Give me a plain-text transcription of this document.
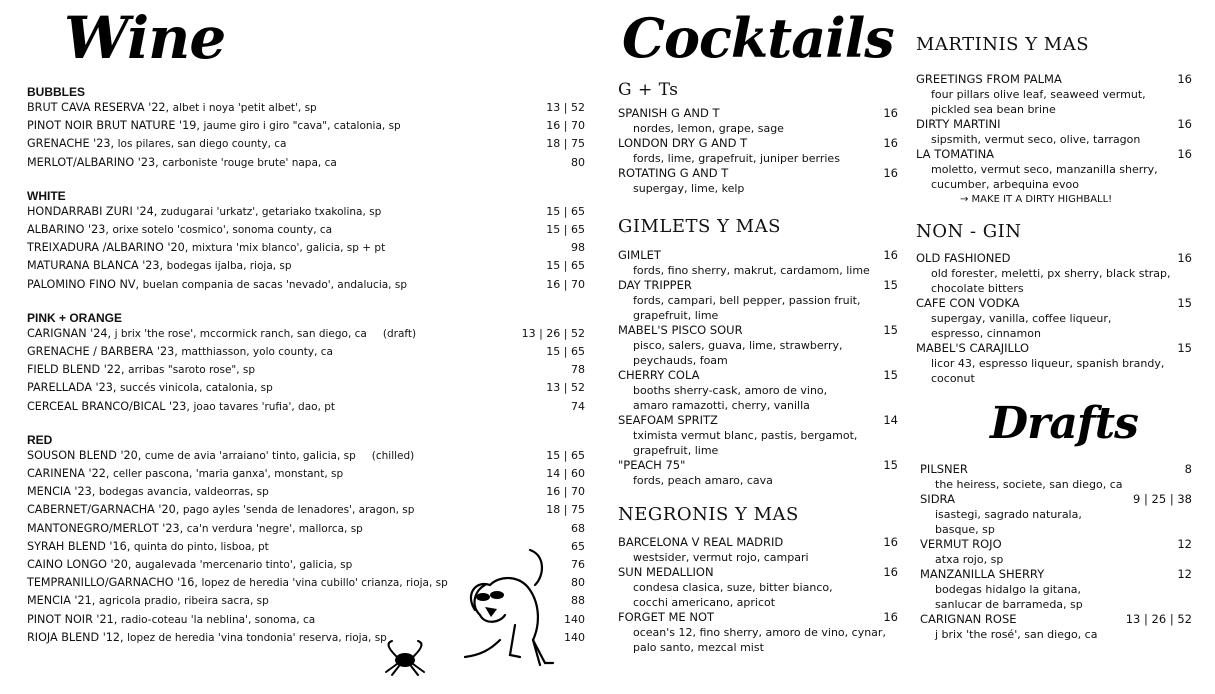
Wine
BUBBLES
BRUT CAVA RESERVA '22, albet i noya 'petit albet', sp	13 | 52
PINOT NOIR BRUT NATURE '19, jaume giro i giro "cava", catalonia, sp	16 | 70
GRENACHE '23, los pilares, san diego county, ca	18 | 75
MERLOT/ALBARINO '23, carboniste 'rouge brute' napa, ca	80
WHITE
HONDARRABI ZURI '24, zudugarai 'urkatz', getariako txakolina, sp	15 | 65
ALBARINO '23, orixe sotelo 'cosmico', sonoma county, ca	15 | 65
TREIXADURA /ALBARINO '20, mixtura 'mix blanco', galicia, sp + pt	98
MATURANA BLANCA '23, bodegas ijalba, rioja, sp	15 | 65
PALOMINO FINO NV, buelan compania de sacas 'nevado', andalucia, sp	16 | 70
PINK + ORANGE
CARIGNAN '24, j brix 'the rose', mccormick ranch, san diego, ca (draft)	13 | 26 | 52
GRENACHE / BARBERA '23, matthiasson, yolo county, ca	15 | 65
FIELD BLEND '22, arribas "saroto rose", sp	78
PARELLADA '23, succés vinicola, catalonia, sp	13 | 52
CERCEAL BRANCO/BICAL '23, joao tavares 'rufia', dao, pt	74
RED
SOUSON BLEND '20, cume de avia 'arraiano' tinto, galicia, sp (chilled)	15 | 65
CARINENA '22, celler pascona, 'maria ganxa', monstant, sp	14 | 60
MENCIA '23, bodegas avancia, valdeorras, sp	16 | 70
CABERNET/GARNACHA '20, pago ayles 'senda de lenadores', aragon, sp	18 | 75
MANTONEGRO/MERLOT '23, ca'n verdura 'negre', mallorca, sp	68
SYRAH BLEND '16, quinta do pinto, lisboa, pt	65
CAINO LONGO '20, augalevada 'mercenario tinto', galicia, sp	76
TEMPRANILLO/GARNACHO '16, lopez de heredia 'vina cubillo' crianza, rioja, sp	80
MENCIA '21, agricola pradio, ribeira sacra, sp	88
PINOT NOIR '21, radio-coteau 'la neblina', sonoma, ca	140
RIOJA BLEND '12, lopez de heredia 'vina tondonia' reserva, rioja, sp	140
Cocktails
G + Ts
SPANISH G AND T	16
nordes, lemon, grape, sage
LONDON DRY G AND T	16
fords, lime, grapefruit, juniper berries
ROTATING G AND T	16
supergay, lime, kelp
GIMLETS Y MAS
GIMLET	16
fords, fino sherry, makrut, cardamom, lime
DAY TRIPPER	15
fords, campari, bell pepper, passion fruit,
grapefruit, lime
MABEL'S PISCO SOUR	15
pisco, salers, guava, lime, strawberry,
peychauds, foam
CHERRY COLA	15
booths sherry-cask, amoro de vino,
amaro ramazotti, cherry, vanilla
SEAFOAM SPRITZ	14
tximista vermut blanc, pastis, bergamot,
grapefruit, lime
"PEACH 75"	15
fords, peach amaro, cava
NEGRONIS Y MAS
BARCELONA V REAL MADRID	16
westsider, vermut rojo, campari
SUN MEDALLION	16
condesa clasica, suze, bitter bianco,
cocchi americano, apricot
FORGET ME NOT	16
ocean's 12, fino sherry, amoro de vino, cynar,
palo santo, mezcal mist
MARTINIS Y MAS
GREETINGS FROM PALMA	16
four pillars olive leaf, seaweed vermut,
pickled sea bean brine
DIRTY MARTINI	16
sipsmith, vermut seco, olive, tarragon
LA TOMATINA	16
moletto, vermut seco, manzanilla sherry,
cucumber, arbequina evoo
→ MAKE IT A DIRTY HIGHBALL!
NON - GIN
OLD FASHIONED	16
old forester, meletti, px sherry, black strap,
chocolate bitters
CAFE CON VODKA	15
supergay, vanilla, coffee liqueur,
espresso, cinnamon
MABEL'S CARAJILLO	15
licor 43, espresso liqueur, spanish brandy,
coconut
Drafts
PILSNER	8
the heiress, societe, san diego, ca
SIDRA	9 | 25 | 38
isastegi, sagrado naturala,
basque, sp
VERMUT ROJO	12
atxa rojo, sp
MANZANILLA SHERRY	12
bodegas hidalgo la gitana,
sanlucar de barrameda, sp
CARIGNAN ROSE	13 | 26 | 52
j brix 'the rosé', san diego, ca
